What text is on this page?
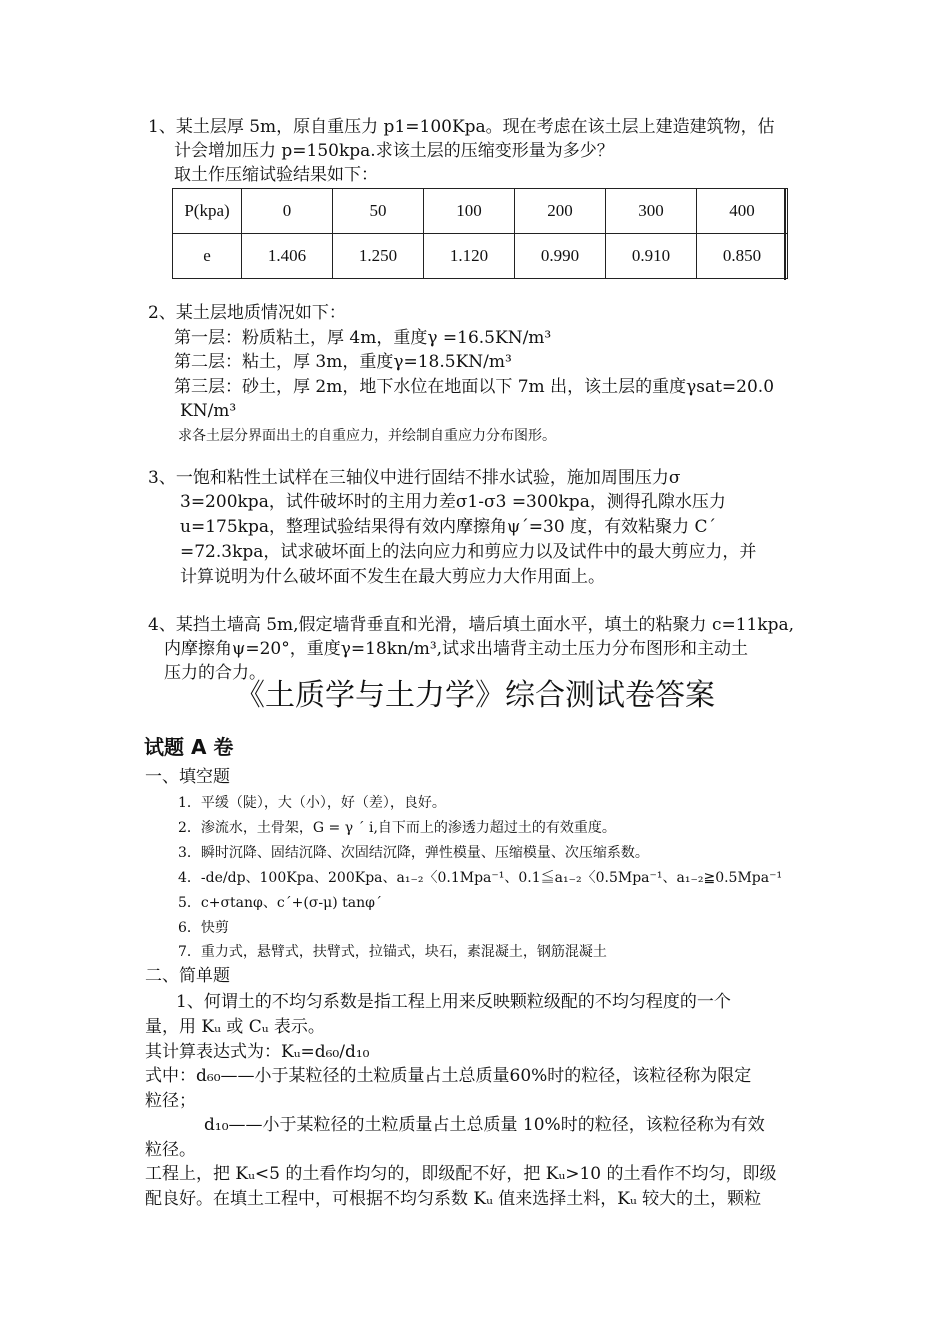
1、某土层厚 5m，原自重压力 p1=100Kpa。现在考虑在该土层上建造建筑物，估
计会增加压力 p=150kpa.求该土层的压缩变形量为多少？
取土作压缩试验结果如下：
P(kpa)	0	50	100	200	300	400
e	1.406	1.250	1.120	0.990	0.910	0.850
2、某土层地质情况如下：
第一层：粉质粘土，厚 4m，重度γ =16.5KN/m³
第二层：粘土，厚 3m，重度γ=18.5KN/m³
第三层：砂土，厚 2m，地下水位在地面以下 7m 出，该土层的重度γsat=20.0
KN/m³
求各土层分界面出土的自重应力，并绘制自重应力分布图形。
3、一饱和粘性土试样在三轴仪中进行固结不排水试验，施加周围压力σ
3=200kpa，试件破坏时的主用力差σ1-σ3 =300kpa，测得孔隙水压力
u=175kpa，整理试验结果得有效内摩擦角ψ´=30 度，有效粘聚力 C´
=72.3kpa，试求破坏面上的法向应力和剪应力以及试件中的最大剪应力，并
计算说明为什么破坏面不发生在最大剪应力大作用面上。
4、某挡土墙高 5m,假定墙背垂直和光滑，墙后填土面水平，填土的粘聚力 c=11kpa,
内摩擦角ψ=20°，重度γ=18kn/m³,试求出墙背主动土压力分布图形和主动土
压力的合力。
《土质学与土力学》综合测试卷答案
试题 A 卷
一、填空题
1．平缓（陡），大（小），好（差），良好。
2．渗流水，土骨架，G = γ ´ i,自下而上的渗透力超过土的有效重度。
3．瞬时沉降、固结沉降、次固结沉降，弹性模量、压缩模量、次压缩系数。
4．-de/dp、100Kpa、200Kpa、a₁₋₂〈0.1Mpa⁻¹、0.1≦a₁₋₂〈0.5Mpa⁻¹、a₁₋₂≧0.5Mpa⁻¹
5．c+σtanφ、c´+(σ-μ) tanφ´
6．快剪
7．重力式，悬臂式，扶臂式，拉锚式，块石，素混凝土，钢筋混凝土
二、简单题
1、何谓土的不均匀系数是指工程上用来反映颗粒级配的不均匀程度的一个
量，用 Kᵤ 或 Cᵤ 表示。
其计算表达式为：Kᵤ=d₆₀/d₁₀
式中：d₆₀——小于某粒径的土粒质量占土总质量60%时的粒径，该粒径称为限定
粒径；
d₁₀——小于某粒径的土粒质量占土总质量 10%时的粒径，该粒径称为有效
粒径。
工程上，把 Kᵤ<5 的土看作均匀的，即级配不好，把 Kᵤ>10 的土看作不均匀，即级
配良好。在填土工程中，可根据不均匀系数 Kᵤ 值来选择土料，Kᵤ 较大的土，颗粒
